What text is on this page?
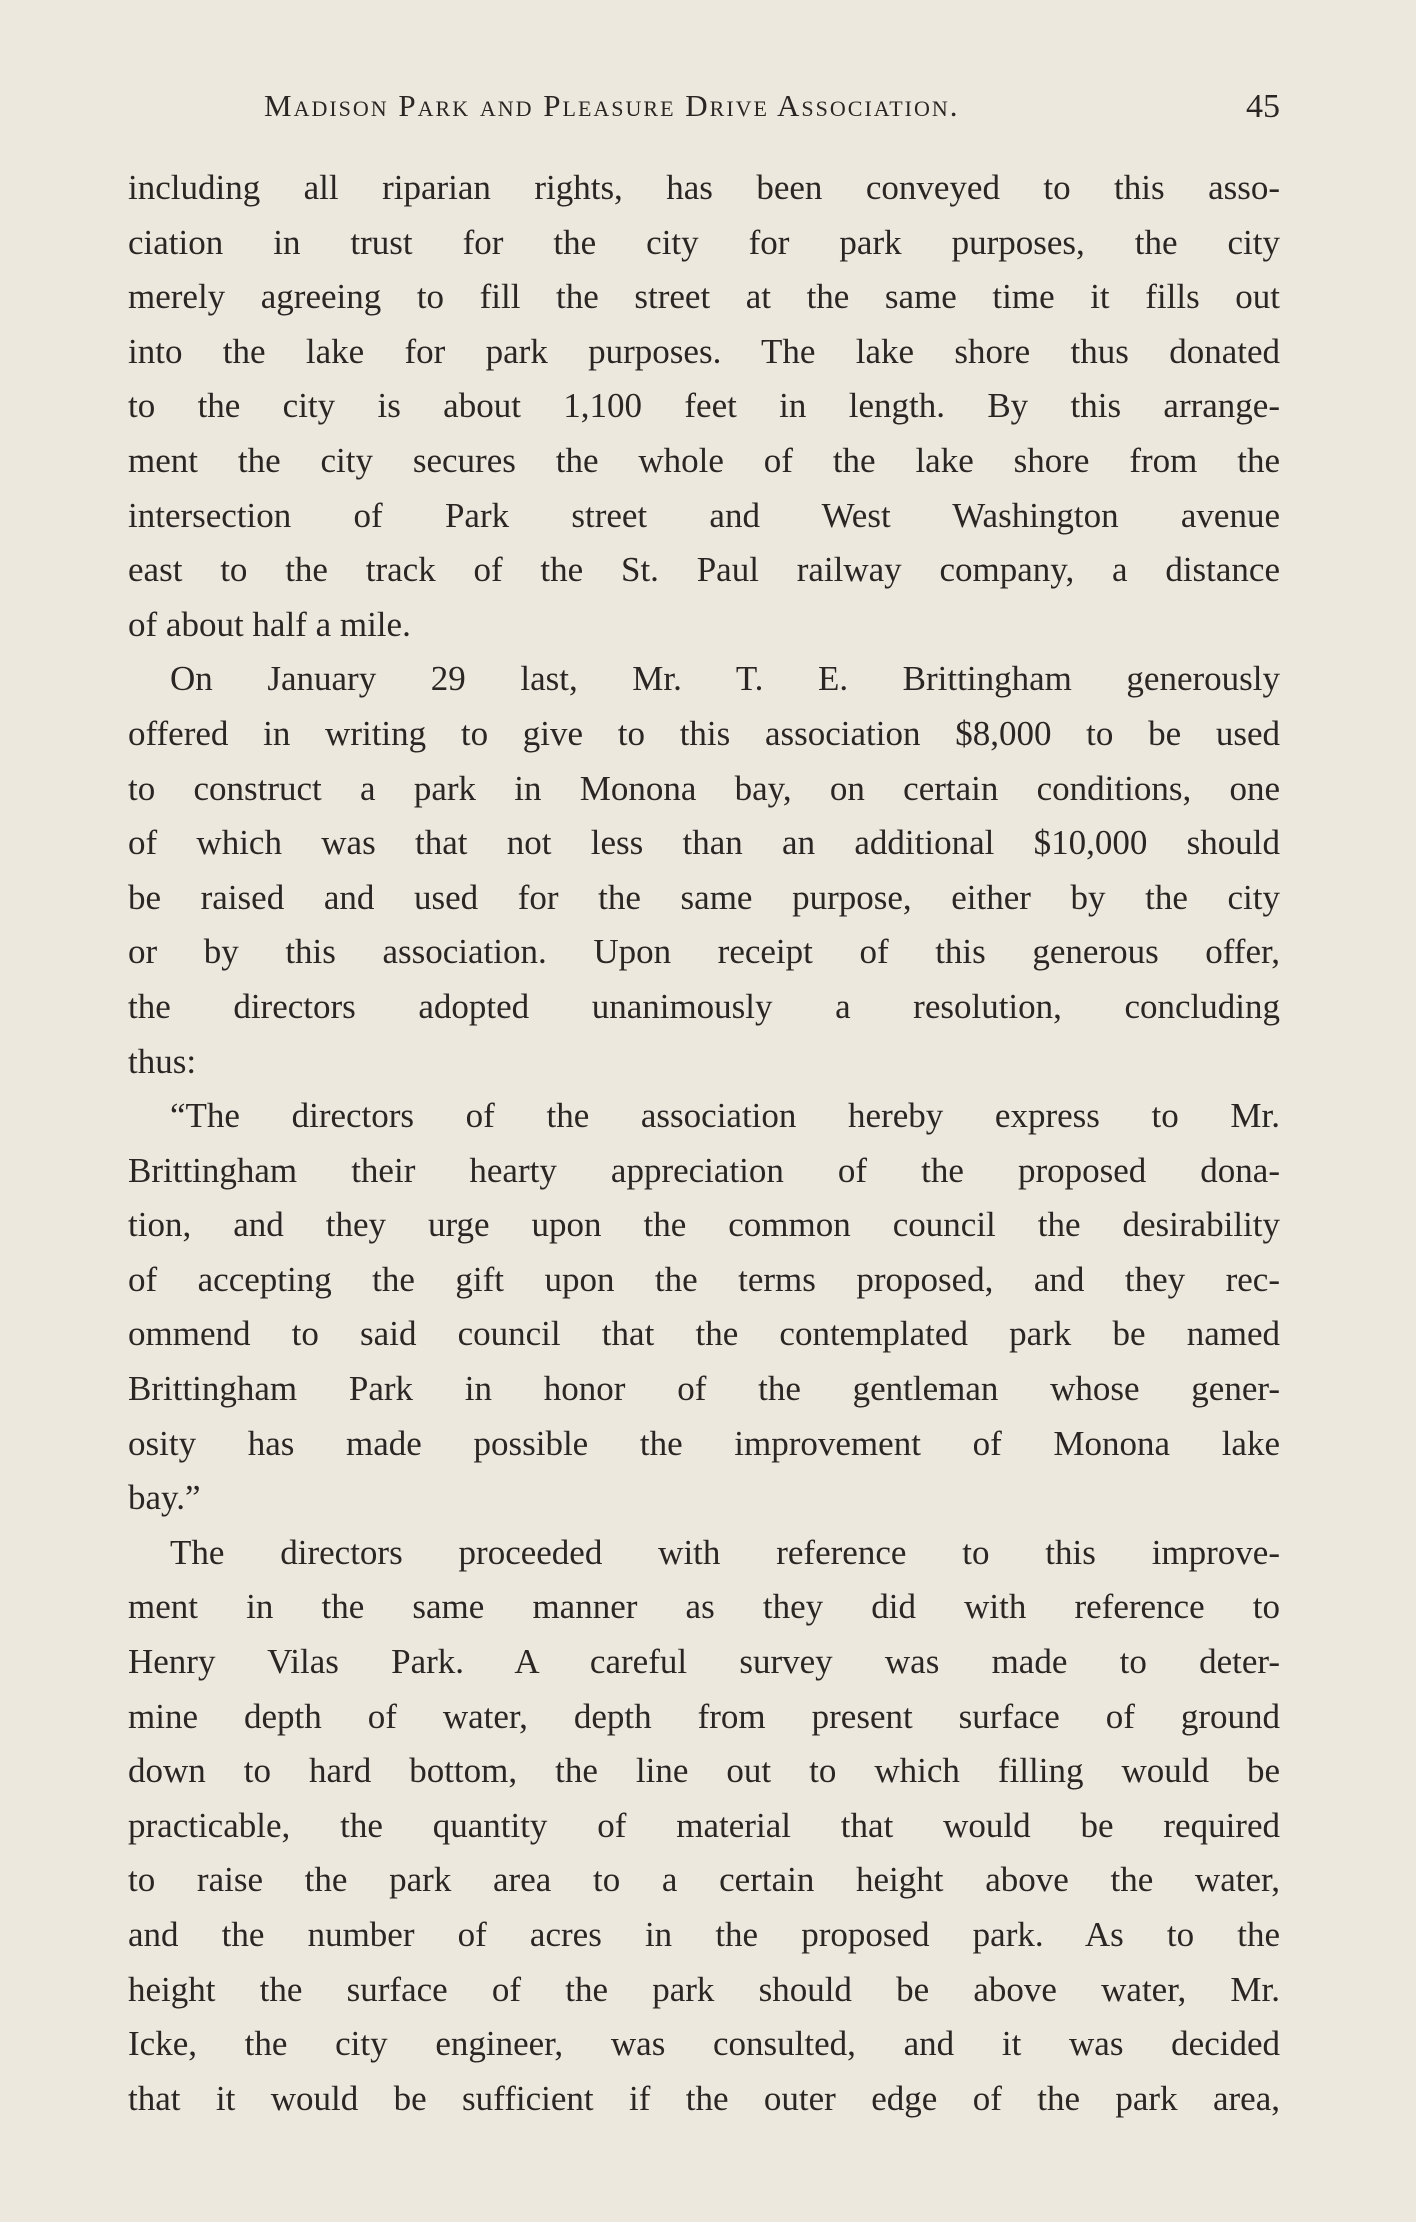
Madison Park and Pleasure Drive Association.	45
including all riparian rights, has been conveyed to this asso-
ciation in trust for the city for park purposes, the city
merely agreeing to fill the street at the same time it fills out
into the lake for park purposes. The lake shore thus donated
to the city is about 1,100 feet in length. By this arrange-
ment the city secures the whole of the lake shore from the
intersection of Park street and West Washington avenue
east to the track of the St. Paul railway company, a distance
of about half a mile.
On January 29 last, Mr. T. E. Brittingham generously
offered in writing to give to this association $8,000 to be used
to construct a park in Monona bay, on certain conditions, one
of which was that not less than an additional $10,000 should
be raised and used for the same purpose, either by the city
or by this association. Upon receipt of this generous offer,
the directors adopted unanimously a resolution, concluding
thus:
“The directors of the association hereby express to Mr.
Brittingham their hearty appreciation of the proposed dona-
tion, and they urge upon the common council the desirability
of accepting the gift upon the terms proposed, and they rec-
ommend to said council that the contemplated park be named
Brittingham Park in honor of the gentleman whose gener-
osity has made possible the improvement of Monona lake
bay.”
The directors proceeded with reference to this improve-
ment in the same manner as they did with reference to
Henry Vilas Park. A careful survey was made to deter-
mine depth of water, depth from present surface of ground
down to hard bottom, the line out to which filling would be
practicable, the quantity of material that would be required
to raise the park area to a certain height above the water,
and the number of acres in the proposed park. As to the
height the surface of the park should be above water, Mr.
Icke, the city engineer, was consulted, and it was decided
that it would be sufficient if the outer edge of the park area,
